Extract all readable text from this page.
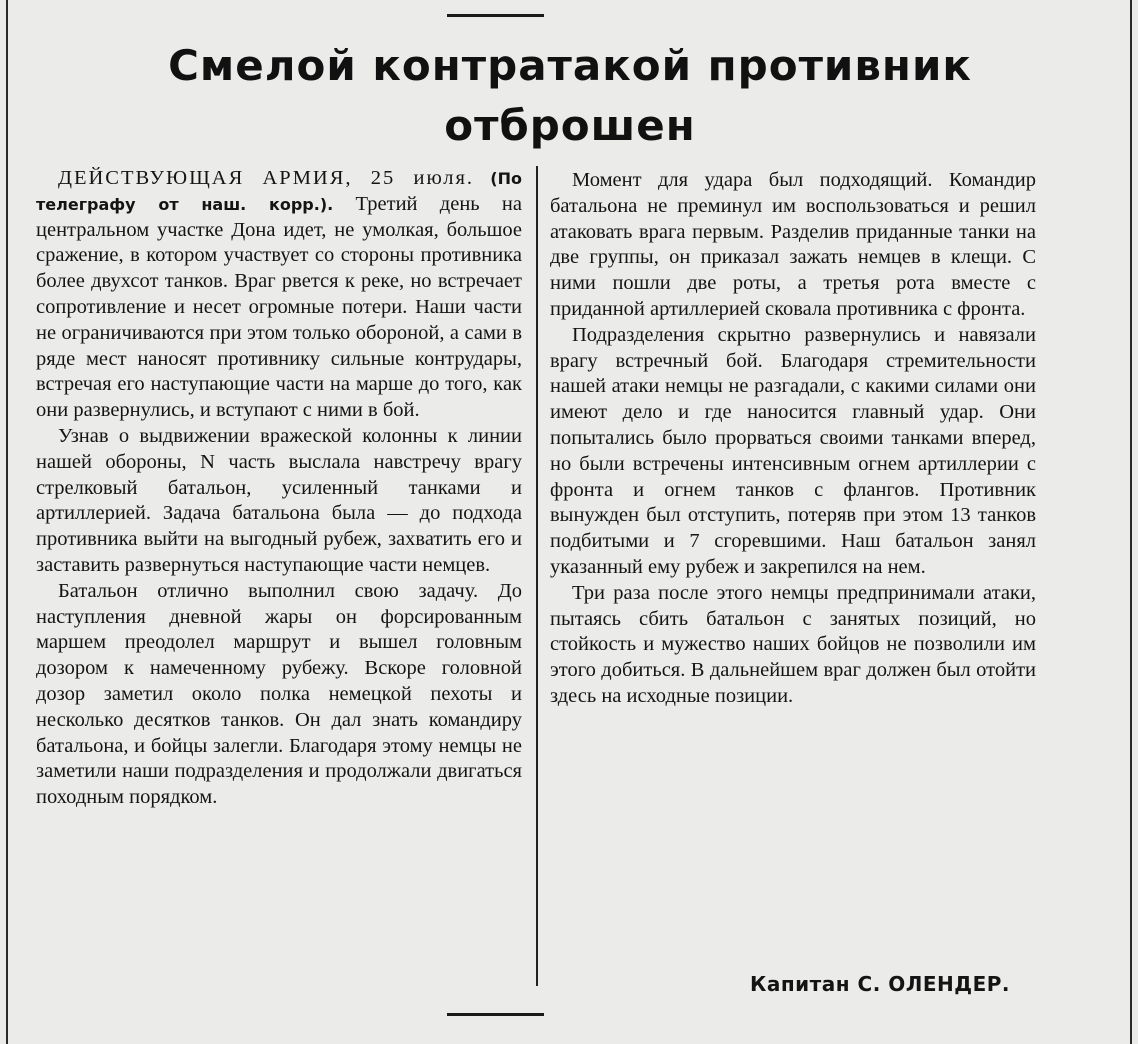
Смелой контратакой противник отброшен

ДЕЙСТВУЮЩАЯ АРМИЯ, 25 июля. (По телеграфу от наш. корр.). Третий день на центральном участке Дона идет, не умолкая, большое сражение, в котором участвует со стороны противника более двухсот танков. Враг рвется к реке, но встречает сопротивление и несет огромные потери. Наши части не ограничиваются при этом только обороной, а сами в ряде мест наносят противнику сильные контрудары, встречая его наступающие части на марше до того, как они развернулись, и вступают с ними в бой.

Узнав о выдвижении вражеской колонны к линии нашей обороны, N часть выслала навстречу врагу стрелковый батальон, усиленный танками и артиллерией. Задача батальона была — до подхода противника выйти на выгодный рубеж, захватить его и заставить развернуться наступающие части немцев.

Батальон отлично выполнил свою задачу. До наступления дневной жары он форсированным маршем преодолел маршрут и вышел головным дозором к намеченному рубежу. Вскоре головной дозор заметил около полка немецкой пехоты и несколько десятков танков. Он дал знать командиру батальона, и бойцы залегли. Благодаря этому немцы не заметили наши подразделения и продолжали двигаться походным порядком.

Момент для удара был подходящий. Командир батальона не преминул им воспользоваться и решил атаковать врага первым. Разделив приданные танки на две группы, он приказал зажать немцев в клещи. С ними пошли две роты, а третья рота вместе с приданной артиллерией сковала противника с фронта.

Подразделения скрытно развернулись и навязали врагу встречный бой. Благодаря стремительности нашей атаки немцы не разгадали, с какими силами они имеют дело и где наносится главный удар. Они попытались было прорваться своими танками вперед, но были встречены интенсивным огнем артиллерии с фронта и огнем танков с флангов. Противник вынужден был отступить, потеряв при этом 13 танков подбитыми и 7 сгоревшими. Наш батальон занял указанный ему рубеж и закрепился на нем.

Три раза после этого немцы предпринимали атаки, пытаясь сбить батальон с занятых позиций, но стойкость и мужество наших бойцов не позволили им этого добиться. В дальнейшем враг должен был отойти здесь на исходные позиции.

Капитан С. ОЛЕНДЕР.
